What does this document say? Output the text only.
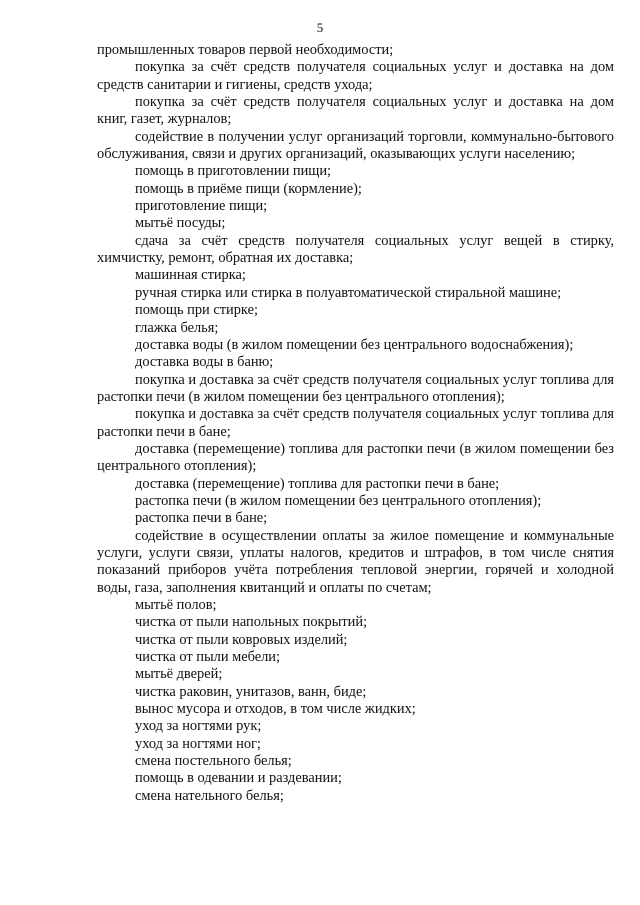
5

промышленных товаров первой необходимости;

покупка за счёт средств получателя социальных услуг и доставка на дом средств санитарии и гигиены, средств ухода;

покупка за счёт средств получателя социальных услуг и доставка на дом книг, газет, журналов;

содействие в получении услуг организаций торговли, коммунально-бытового обслуживания, связи и других организаций, оказывающих услуги населению;

помощь в приготовлении пищи;

помощь в приёме пищи (кормление);

приготовление пищи;

мытьё посуды;

сдача за счёт средств получателя социальных услуг вещей в стирку, химчистку, ремонт, обратная их доставка;

машинная стирка;

ручная стирка или стирка в полуавтоматической стиральной машине;

помощь при стирке;

глажка белья;

доставка воды (в жилом помещении без центрального водоснабжения);

доставка воды в баню;

покупка и доставка за счёт средств получателя социальных услуг топлива для растопки печи (в жилом помещении без центрального отопления);

покупка и доставка за счёт средств получателя социальных услуг топлива для растопки печи в бане;

доставка (перемещение) топлива для растопки печи (в жилом помещении без центрального отопления);

доставка (перемещение) топлива для растопки печи в бане;

растопка печи (в жилом помещении без центрального отопления);

растопка печи в бане;

содействие в осуществлении оплаты за жилое помещение и коммунальные услуги, услуги связи, уплаты налогов, кредитов и штрафов, в том числе снятия показаний приборов учёта потребления тепловой энергии, горячей и холодной воды, газа, заполнения квитанций и оплаты по счетам;

мытьё полов;

чистка от пыли напольных покрытий;

чистка от пыли ковровых изделий;

чистка от пыли мебели;

мытьё дверей;

чистка раковин, унитазов, ванн, биде;

вынос мусора и отходов, в том числе жидких;

уход за ногтями рук;

уход за ногтями ног;

смена постельного белья;

помощь в одевании и раздевании;

смена нательного белья;
